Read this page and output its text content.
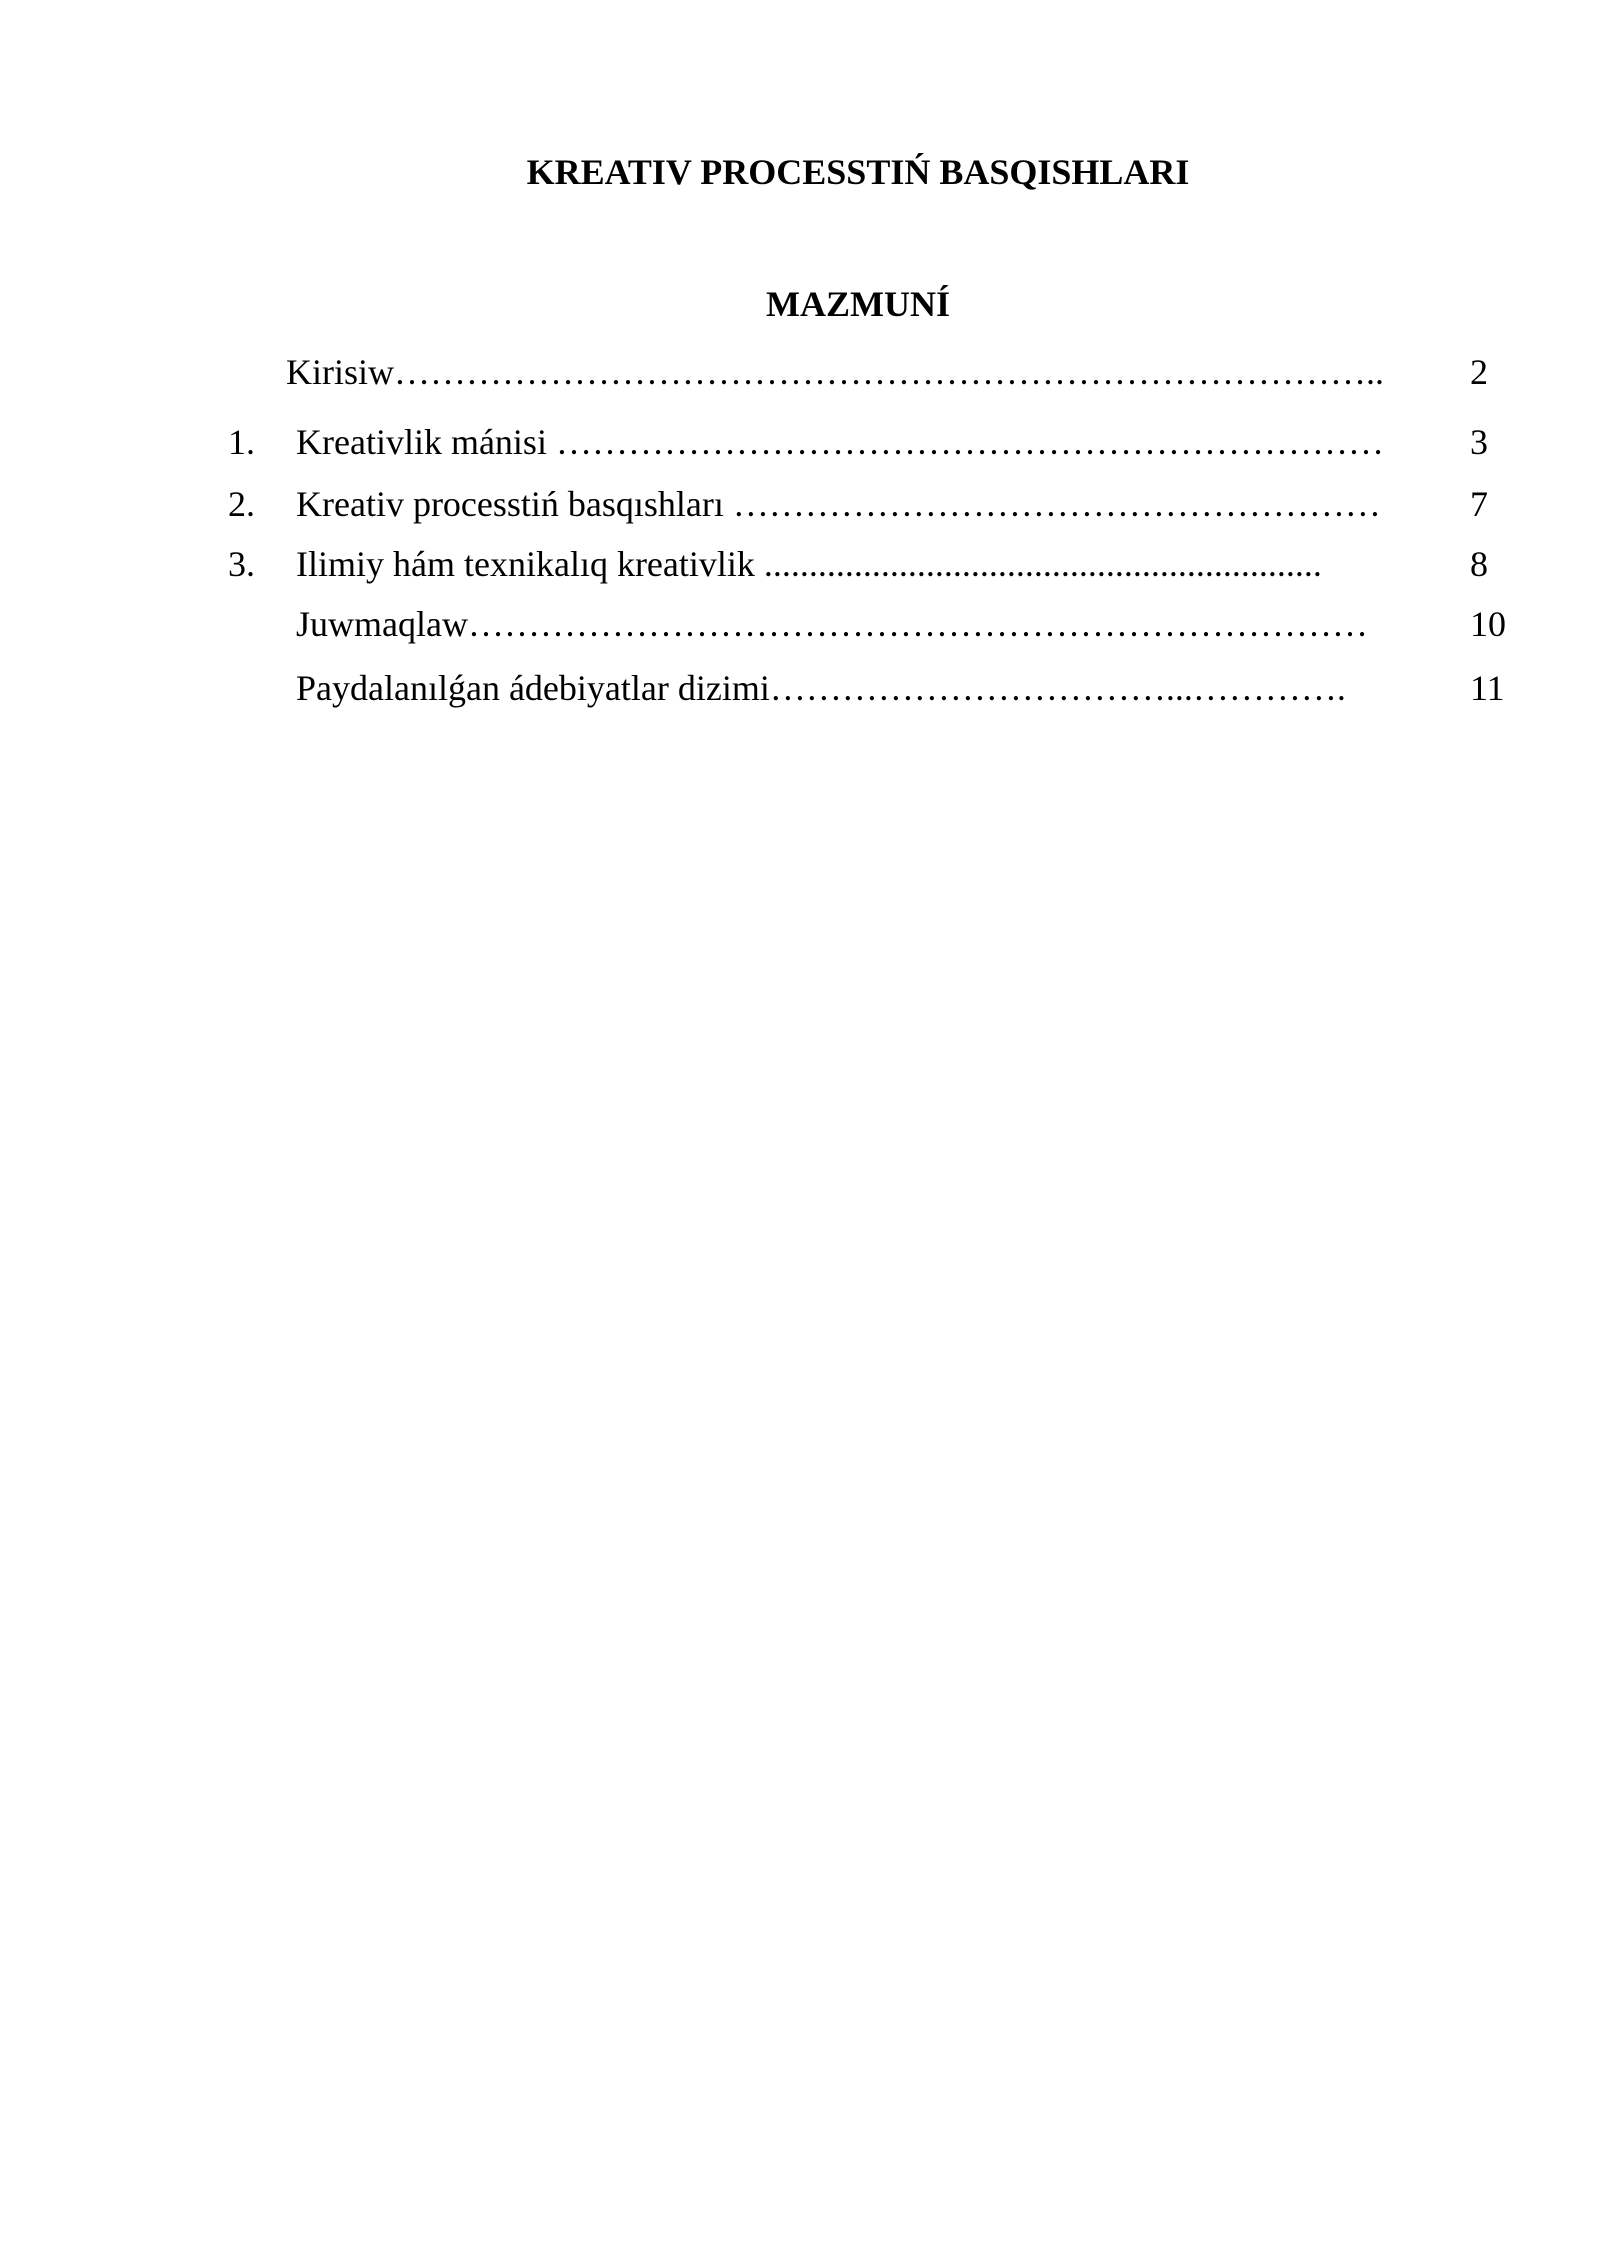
KREATIV PROCESSTIŃ BASQISHLARI
MAZMUNÍ
Kirisiw……………………………………………………………………….. 2
1. Kreativlik mánisi …………………………………………………………… 3
2. Kreativ processtiń basqıshları ……………………………………………… 7
3. Ilimiy hám texnikalıq kreativlik ..............................................................	8
Juwmaqlaw…………………………………………………………………	10
Paydalanılǵan ádebiyatlar dizimi……………………………...………….	11
